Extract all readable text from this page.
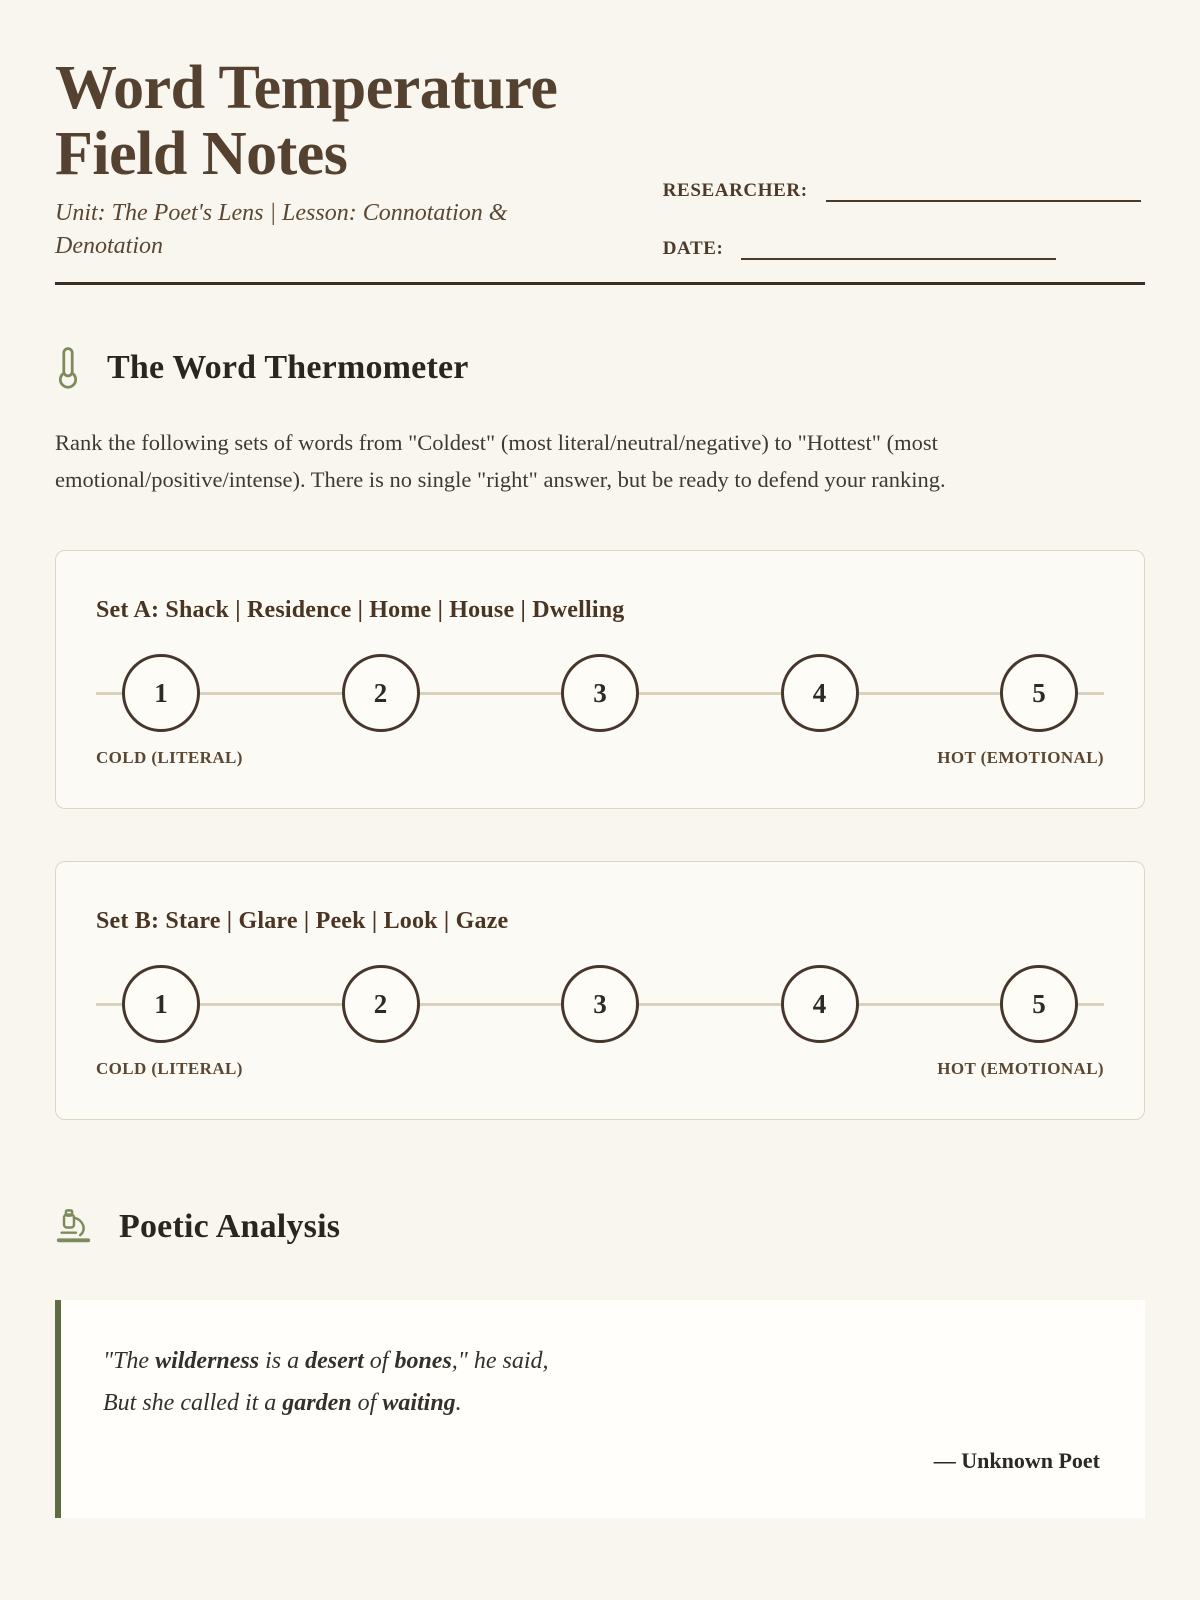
Word Temperature Field Notes

Unit: The Poet's Lens | Lesson: Connotation & Denotation

RESEARCHER:
DATE:
The Word Thermometer

Rank the following sets of words from "Coldest" (most literal/neutral/negative) to "Hottest" (most emotional/positive/intense). There is no single "right" answer, but be ready to defend your ranking.

Set A: Shack | Residence | Home | House | Dwelling
1	2	3	4	5
COLD (LITERAL)	HOT (EMOTIONAL)
Set B: Stare | Glare | Peek | Look | Gaze
1	2	3	4	5
COLD (LITERAL)	HOT (EMOTIONAL)
Poetic Analysis

"The wilderness is a desert of bones," he said,

But she called it a garden of waiting.

— Unknown Poet
